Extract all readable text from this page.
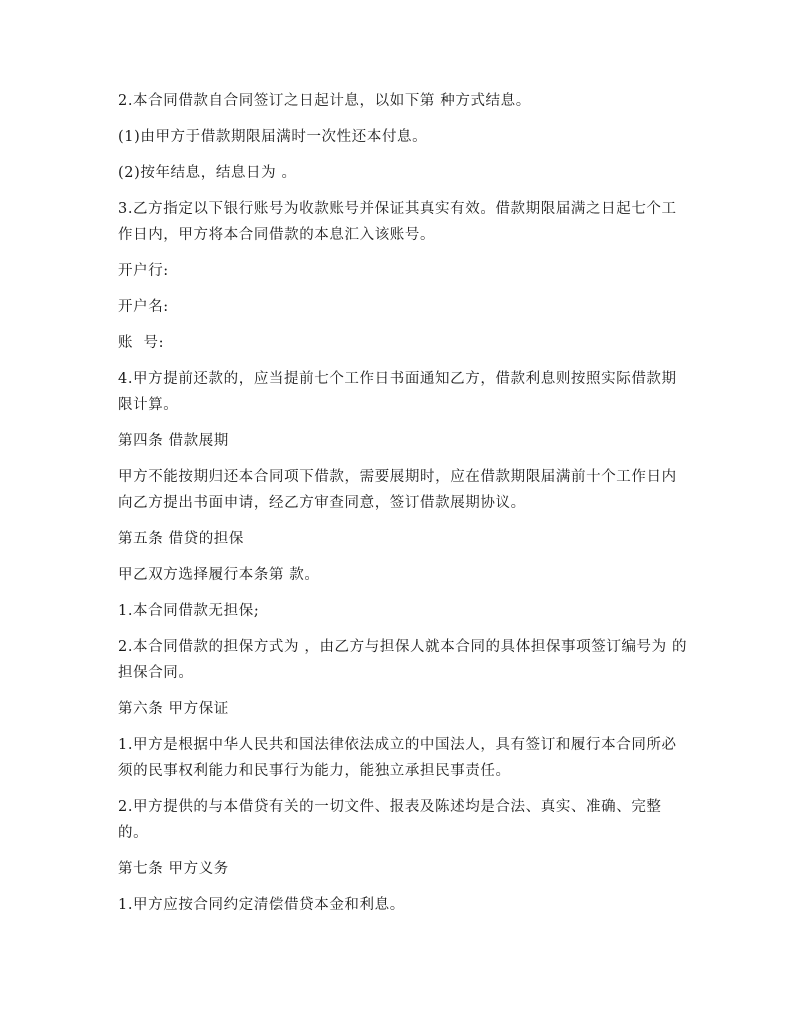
2.本合同借款自合同签订之日起计息，以如下第 种方式结息。

(1)由甲方于借款期限届满时一次性还本付息。

(2)按年结息，结息日为 。

3.乙方指定以下银行账号为收款账号并保证其真实有效。借款期限届满之日起七个工作日内，甲方将本合同借款的本息汇入该账号。

开户行:

开户名:

账  号:

4.甲方提前还款的，应当提前七个工作日书面通知乙方，借款利息则按照实际借款期限计算。

第四条 借款展期

甲方不能按期归还本合同项下借款，需要展期时，应在借款期限届满前十个工作日内向乙方提出书面申请，经乙方审查同意，签订借款展期协议。

第五条 借贷的担保

甲乙双方选择履行本条第 款。

1.本合同借款无担保;

2.本合同借款的担保方式为 ，由乙方与担保人就本合同的具体担保事项签订编号为 的担保合同。

第六条 甲方保证

1.甲方是根据中华人民共和国法律依法成立的中国法人，具有签订和履行本合同所必须的民事权利能力和民事行为能力，能独立承担民事责任。

2.甲方提供的与本借贷有关的一切文件、报表及陈述均是合法、真实、准确、完整的。

第七条 甲方义务

1.甲方应按合同约定清偿借贷本金和利息。
